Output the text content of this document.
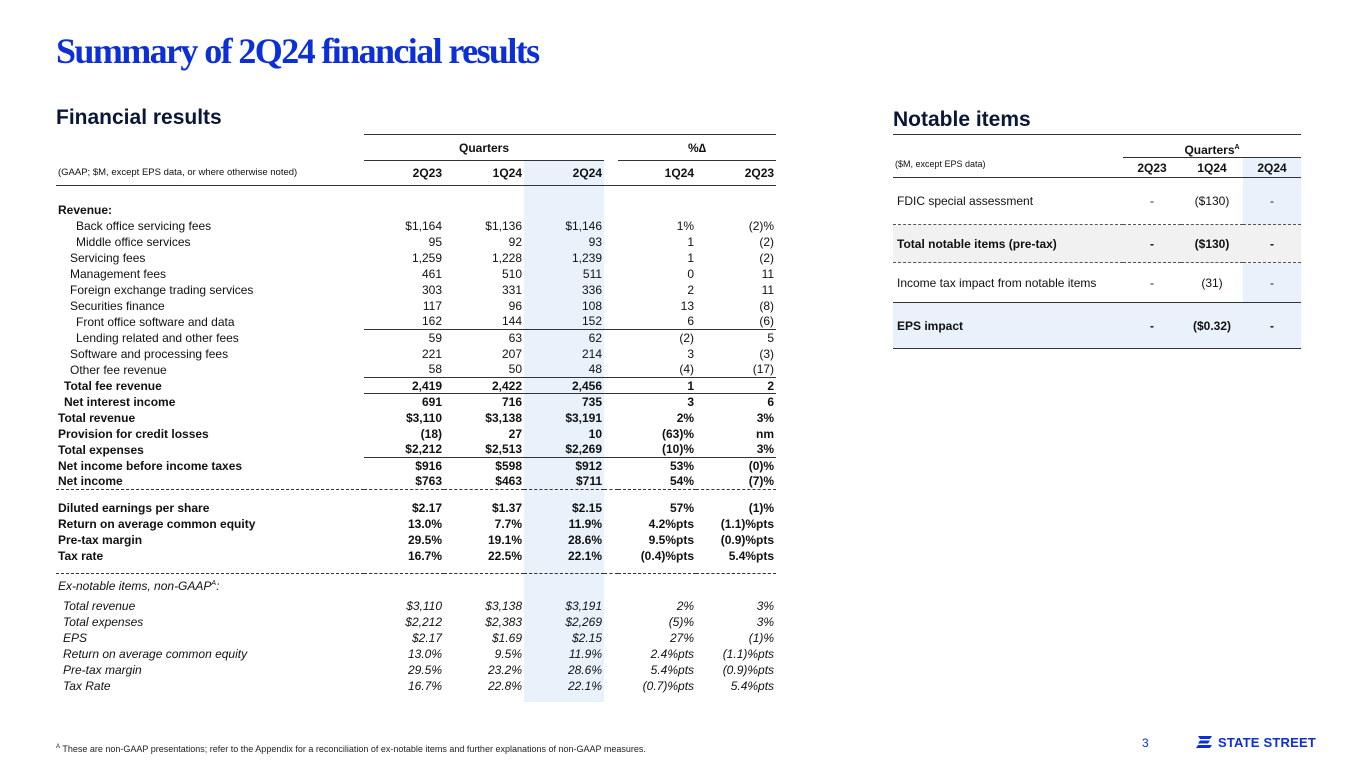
Summary of 2Q24 financial results
Financial results
	Quarters				%∆	
(GAAP; $M, except EPS data, or where otherwise noted)	2Q23	1Q24	2Q24		1Q24	2Q23

Revenue:						
Back office servicing fees	$1,164	$1,136	$1,146		1%	(2)%
Middle office services	95	92	93		1	(2)
Servicing fees	1,259	1,228	1,239		1	(2)
Management fees	461	510	511		0	11
Foreign exchange trading services	303	331	336		2	11
Securities finance	117	96	108		13	(8)
Front office software and data	162	144	152		6	(6)
Lending related and other fees	59	63	62		(2)	5
Software and processing fees	221	207	214		3	(3)
Other fee revenue	58	50	48		(4)	(17)
Total fee revenue	2,419	2,422	2,456		1	2
Net interest income	691	716	735		3	6
Total revenue	$3,110	$3,138	$3,191		2%	3%
Provision for credit losses	(18)	27	10		(63)%	nm
Total expenses	$2,212	$2,513	$2,269		(10)%	3%
Net income before income taxes	$916	$598	$912		53%	(0)%
Net income	$763	$463	$711		54%	(7)%

Diluted earnings per share	$2.17	$1.37	$2.15		57%	(1)%
Return on average common equity	13.0%	7.7%	11.9%		4.2%pts	(1.1)%pts
Pre-tax margin	29.5%	19.1%	28.6%		9.5%pts	(0.9)%pts
Tax rate	16.7%	22.5%	22.1%		(0.4)%pts	5.4%pts

Ex-notable items, non-$GAAP^A$:						
Total revenue	$3,110	$3,138	$3,191		2%	3%
Total expenses	$2,212	$2,383	$2,269		(5)%	3%
EPS	$2.17	$1.69	$2.15		27%	(1)%
Return on average common equity	13.0%	9.5%	11.9%		2.4%pts	(1.1)%pts
Pre-tax margin	29.5%	23.2%	28.6%		5.4%pts	(0.9)%pts
Tax Rate	16.7%	22.8%	22.1%		(0.7)%pts	5.4%pts

Notable items
($M, except EPS data)	Quarters$^A$
	2Q23	1Q24	2Q24

FDIC special assessment	-	($130)	-
Total notable items (pre-tax)	-	($130)	-
Income tax impact from notable items	-	(31)	-
EPS impact	-	($0.32)	-
$^A$ These are non-GAAP presentations; refer to the Appendix for a reconciliation of ex-notable items and further explanations of non-GAAP measures.	3	STATE STREET
